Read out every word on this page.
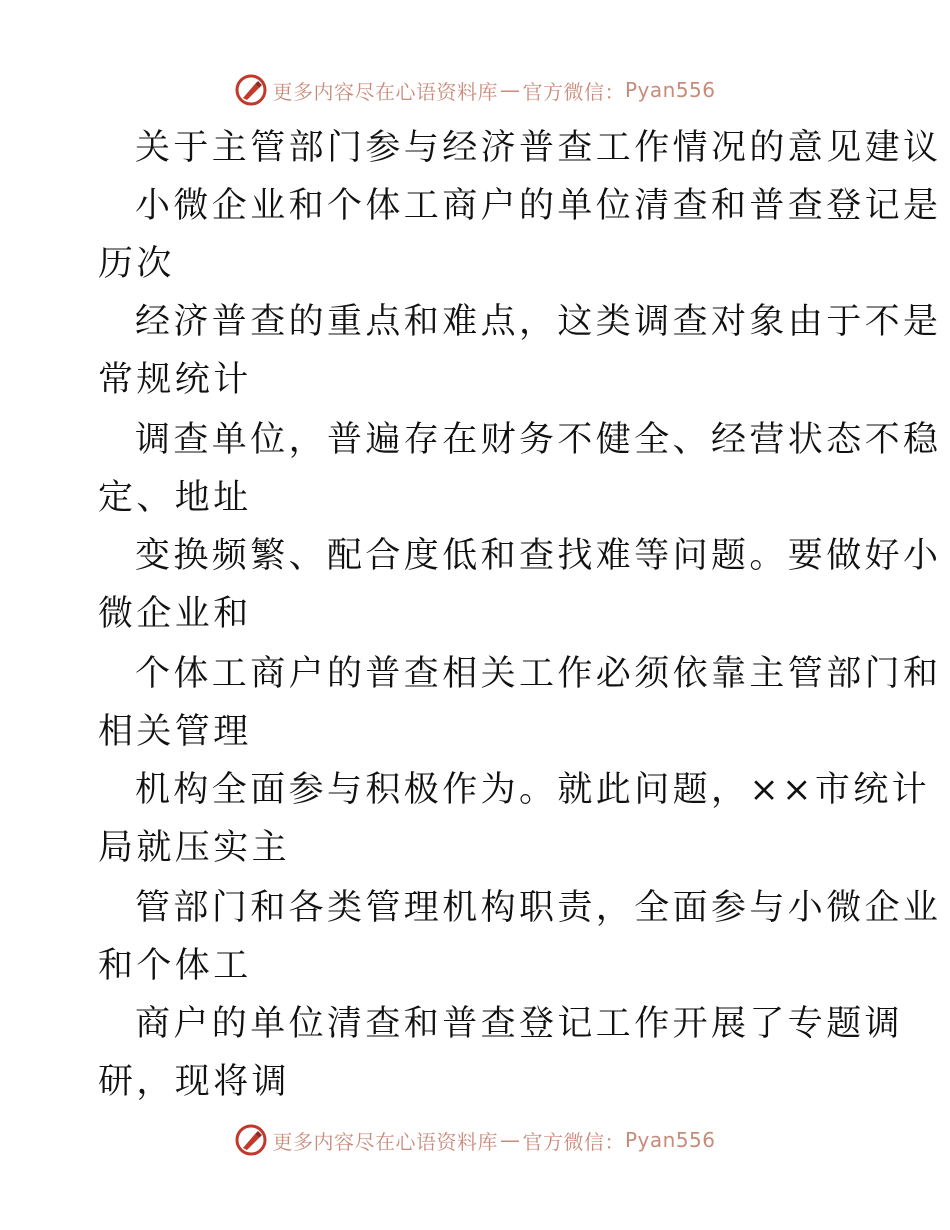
更多内容尽在心语资料库 — 官方微信： Pyan556
关于主管部门参与经济普查工作情况的意见建议
小微企业和个体工商户的单位清查和普查登记是
历次
经济普查的重点和难点，这类调查对象由于不是
常规统计
调查单位，普遍存在财务不健全、经营状态不稳
定、地址
变换频繁、配合度低和查找难等问题。要做好小
微企业和
个体工商户的普查相关工作必须依靠主管部门和
相关管理
机构全面参与积极作为。就此问题，××市统计
局就压实主
管部门和各类管理机构职责，全面参与小微企业
和个体工
商户的单位清查和普查登记工作开展了专题调
研，现将调
更多内容尽在心语资料库 — 官方微信： Pyan556
